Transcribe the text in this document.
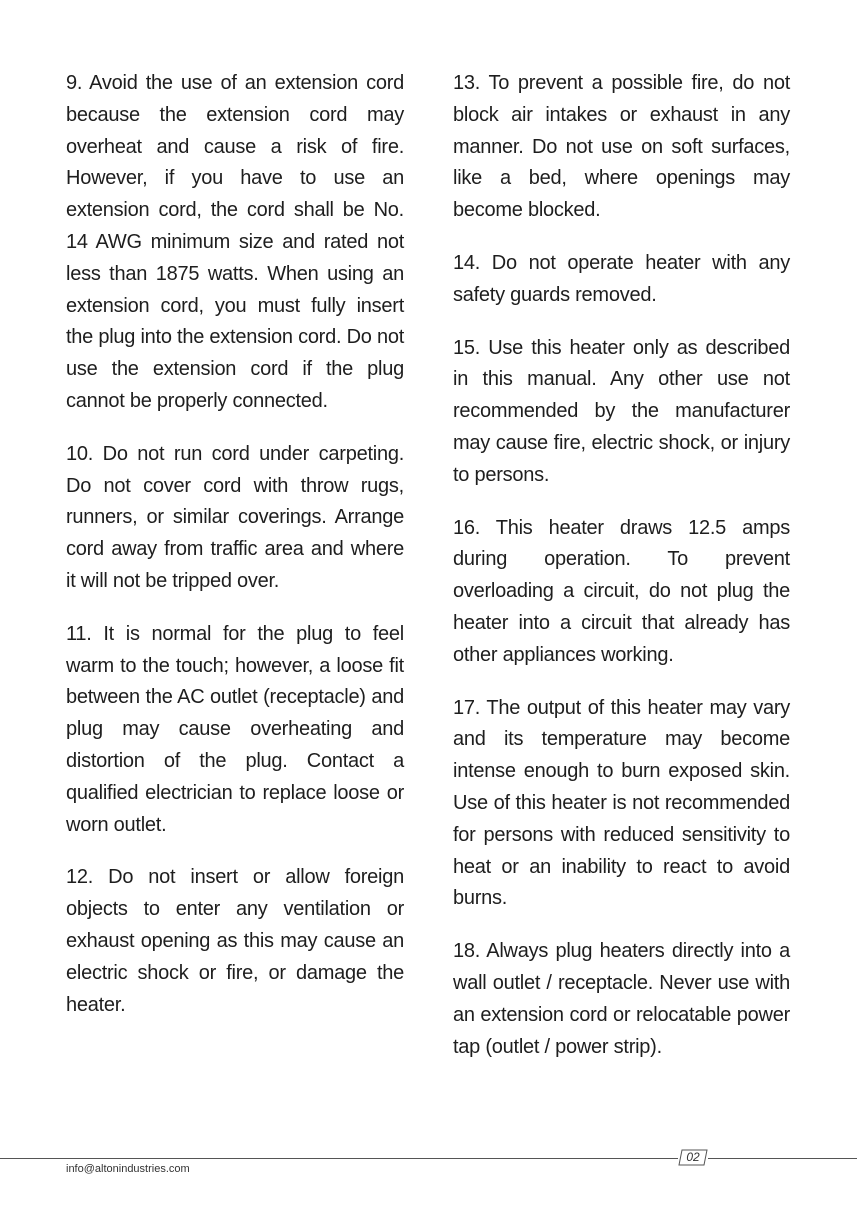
9. Avoid the use of an extension cord because the extension cord may overheat and cause a risk of fire. However, if you have to use an extension cord, the cord shall be No. 14 AWG minimum size and rated not less than 1875 watts. When using an extension cord, you must fully insert the plug into the extension cord. Do not use the extension cord if the plug cannot be properly connected.

10. Do not run cord under carpeting. Do not cover cord with throw rugs, runners, or similar coverings. Arrange cord away from traffic area and where it will not be tripped over.

11. It is normal for the plug to feel warm to the touch; however, a loose fit between the AC outlet (receptacle) and plug may cause overheating and distortion of the plug. Contact a qualified electrician to replace loose or worn outlet.

12. Do not insert or allow foreign objects to enter any ventilation or exhaust opening as this may cause an electric shock or fire, or damage the heater.

13. To prevent a possible fire, do not block air intakes or exhaust in any manner. Do not use on soft surfaces, like a bed, where openings may become blocked.

14. Do not operate heater with any safety guards removed.

15. Use this heater only as described in this manual. Any other use not recommended by the manufacturer may cause fire, electric shock, or injury to persons.

16. This heater draws 12.5 amps during operation. To prevent overloading a circuit, do not plug the heater into a circuit that already has other appliances working.

17. The output of this heater may vary and its temperature may become intense enough to burn exposed skin. Use of this heater is not recommended for persons with reduced sensitivity to heat or an inability to react to avoid burns.

18. Always plug heaters directly into a wall outlet / receptacle. Never use with an extension cord or relocatable power tap (outlet / power strip).

02
info@altonindustries.com
